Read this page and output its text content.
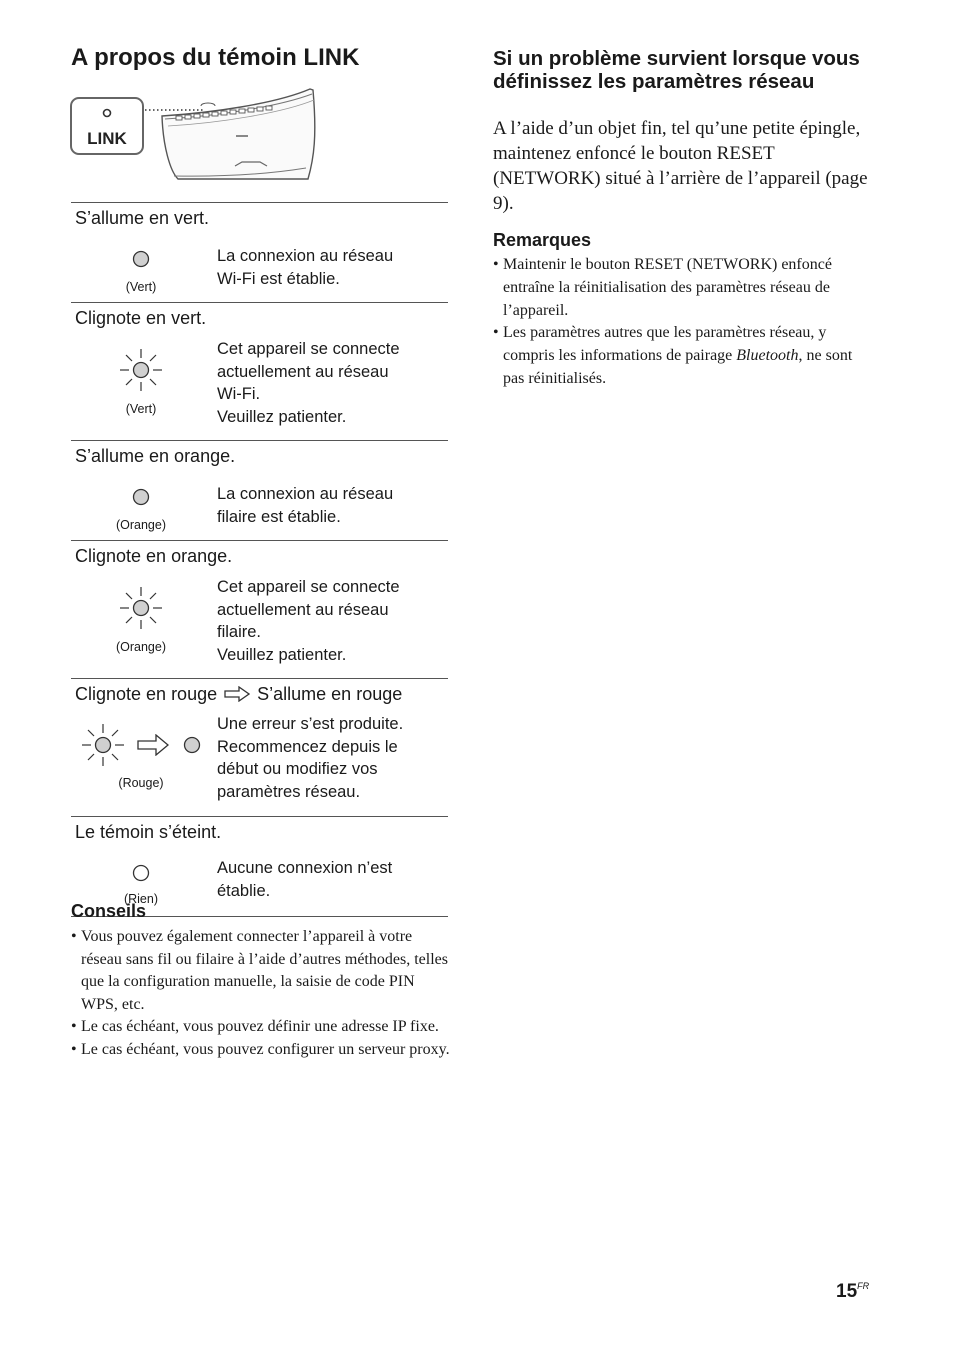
A propos du témoin LINK
LINK
S’allume en vert.
(Vert)
La connexion au réseau
Wi-Fi est établie.
Clignote en vert.
(Vert)
Cet appareil se connecte
actuellement au réseau
Wi-Fi.
Veuillez patienter.
S’allume en orange.
(Orange)
La connexion au réseau
filaire est établie.
Clignote en orange.
(Orange)
Cet appareil se connecte
actuellement au réseau
filaire.
Veuillez patienter.
Clignote en rouge S’allume en rouge
(Rouge)
Une erreur s’est produite.
Recommencez depuis le
début ou modifiez vos
paramètres réseau.
Le témoin s’éteint.
(Rien)
Aucune connexion n’est
établie.
Conseils
• Vous pouvez également connecter l’appareil à votre réseau sans fil ou filaire à l’aide d’autres méthodes, telles que la configuration manuelle, la saisie de code PIN WPS, etc.
• Le cas échéant, vous pouvez définir une adresse IP fixe.
• Le cas échéant, vous pouvez configurer un serveur proxy.
Si un problème survient lorsque vous définissez les paramètres réseau

A l’aide d’un objet fin, tel qu’une petite épingle, maintenez enfoncé le bouton RESET (NETWORK) situé à l’arrière de l’appareil (page 9).

Remarques
• Maintenir le bouton RESET (NETWORK) enfoncé entraîne la réinitialisation des paramètres réseau de l’appareil.
• Les paramètres autres que les paramètres réseau, y compris les informations de pairage Bluetooth, ne sont pas réinitialisés.
$15^{FR}$
